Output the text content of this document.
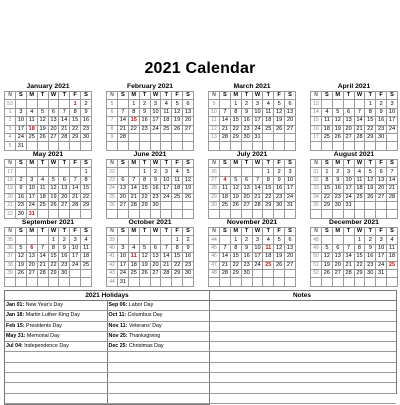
2021 Calendar
January 2021
N	S	M	T	W	T	F	S
53						1	2
1	3	4	5	6	7	8	9
2	10	11	12	13	14	15	16
3	17	18	19	20	21	22	23
4	24	25	26	27	28	29	30
5	31						
February 2021
N	S	M	T	W	T	F	S
5		1	2	3	4	5	6
6	7	8	9	10	11	12	13
7	14	15	16	17	18	19	20
8	21	22	23	24	25	26	27
9	28						

March 2021
N	S	M	T	W	T	F	S
9		1	2	3	4	5	6
10	7	8	9	10	11	12	13
11	14	15	16	17	18	19	20
12	21	22	23	24	25	26	27
13	28	29	30	31			

April 2021
N	S	M	T	W	T	F	S
13					1	2	3
14	4	5	6	7	8	9	10
15	11	12	13	14	15	16	17
16	18	19	20	21	22	23	24
17	25	26	27	28	29	30	

May 2021
N	S	M	T	W	T	F	S
17							1
18	2	3	4	5	6	7	8
19	9	10	11	12	13	14	15
20	16	17	18	19	20	21	22
21	23	24	25	26	27	28	29
22	30	31					
June 2021
N	S	M	T	W	T	F	S
22			1	2	3	4	5
23	6	7	8	9	10	11	12
24	13	14	15	16	17	18	19
25	20	21	22	23	24	25	26
26	27	28	29	30			

July 2021
N	S	M	T	W	T	F	S
26					1	2	3
27	4	5	6	7	8	9	10
28	11	12	13	14	15	16	17
29	18	19	20	21	22	23	24
30	25	26	27	28	29	30	31

August 2021
N	S	M	T	W	T	F	S
31	1	2	3	4	5	6	7
32	8	9	10	11	12	13	14
33	15	16	17	18	19	20	21
34	22	23	24	25	26	27	28
35	29	30	31				

September 2021
N	S	M	T	W	T	F	S
35				1	2	3	4
36	5	6	7	8	9	10	11
37	12	13	14	15	16	17	18
38	19	20	21	22	23	24	25
39	26	27	28	29	30		

October 2021
N	S	M	T	W	T	F	S
39						1	2
40	3	4	5	6	7	8	9
41	10	11	12	13	14	15	16
42	17	18	19	20	21	22	23
43	24	25	26	27	28	29	30
44	31						
November 2021
N	S	M	T	W	T	F	S
44		1	2	3	4	5	6
45	7	8	9	10	11	12	13
46	14	15	16	17	18	19	20
47	21	22	23	24	25	26	27
48	28	29	30				

December 2021
N	S	M	T	W	T	F	S
48				1	2	3	4
49	5	6	7	8	9	10	11
50	12	13	14	15	16	17	18
51	19	20	21	22	23	24	25
52	26	27	28	29	30	31	

2021 Holidays
Jan 01: New Year's Day	Sep 06: Labor Day
Jan 18: Martin Luther King Day	Oct 11: Columbus Day
Feb 15: Presidents Day	Nov 11: Veterans' Day
May 31: Memorial Day	Nov 25: Thanksgiving
Jul 04: Independence Day	Dec 25: Christmas Day

Notes
